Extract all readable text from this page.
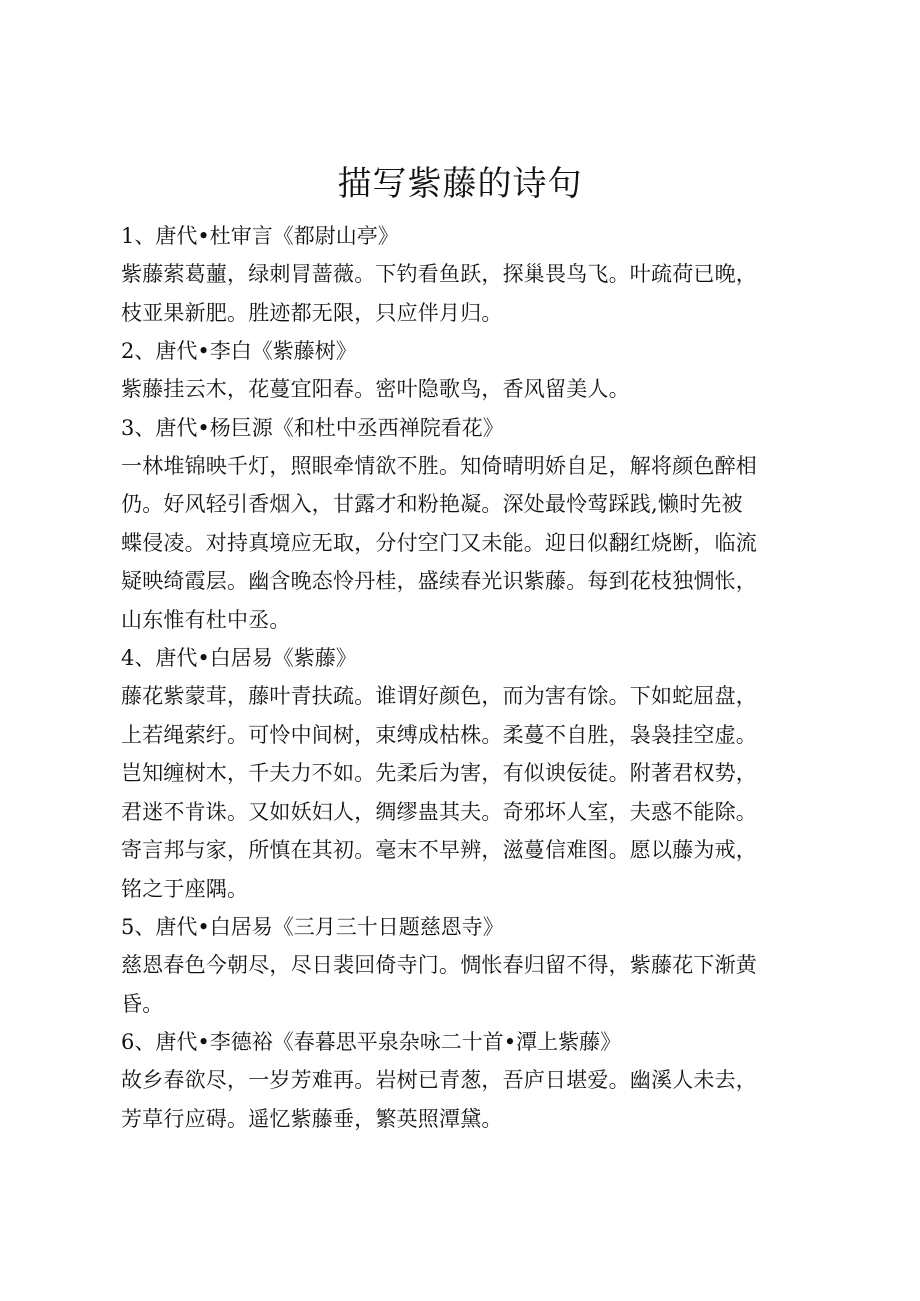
描写紫藤的诗句

1、唐代•杜审言《都尉山亭》

紫藤萦葛蘁，绿刺冐蔷薇。下钓看鱼跃，探巢畏鸟飞。叶疏荷已晚，

枝亚果新肥。胜迹都无限，只应伴月归。

2、唐代•李白《紫藤树》

紫藤挂云木，花蔓宜阳春。密叶隐歌鸟，香风留美人。

3、唐代•杨巨源《和杜中丞西禅院看花》

一林堆锦映千灯，照眼牵情欲不胜。知倚晴明娇自足，解将颜色醉相

仍。好风轻引香烟入，甘露才和粉艳凝。深处最怜莺踩践,懒时先被

蝶侵凌。对持真境应无取，分付空门又未能。迎日似翻红烧断，临流

疑映绮霞层。幽含晚态怜丹桂，盛续春光识紫藤。每到花枝独惆怅，

山东惟有杜中丞。

4、唐代•白居易《紫藤》

藤花紫蒙茸，藤叶青扶疏。谁谓好颜色，而为害有馀。下如蛇屈盘，

上若绳萦纡。可怜中间树，束缚成枯株。柔蔓不自胜，袅袅挂空虚。

岂知缠树木，千夫力不如。先柔后为害，有似谀佞徒。附著君权势，

君迷不肯诛。又如妖妇人，绸缪蛊其夫。奇邪坏人室，夫惑不能除。

寄言邦与家，所慎在其初。毫末不早辨，滋蔓信难图。愿以藤为戒，

铭之于座隅。

5、唐代•白居易《三月三十日题慈恩寺》

慈恩春色今朝尽，尽日裴回倚寺门。惆怅春归留不得，紫藤花下渐黄

昏。

6、唐代•李德裕《春暮思平泉杂咏二十首•潭上紫藤》

故乡春欲尽，一岁芳难再。岩树已青葱，吾庐日堪爱。幽溪人未去，

芳草行应碍。遥忆紫藤垂，繁英照潭黛。
